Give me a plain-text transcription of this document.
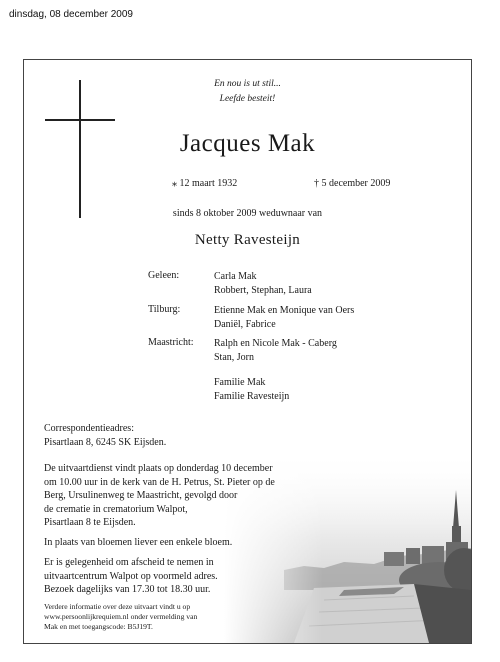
dinsdag, 08 december 2009
En nou is ut stil...
Leefde besteit!
Jacques Mak
⁎ 12 maart 1932	† 5 december 2009
sinds 8 oktober 2009 weduwnaar van
Netty Ravesteijn
Geleen:	Carla Mak
Robbert, Stephan, Laura
Tilburg:	Etienne Mak en Monique van Oers
Daniël, Fabrice
Maastricht: Ralph en Nicole Mak - Caberg
Stan, Jorn
Familie Mak
Familie Ravesteijn
Correspondentieadres:
Pisartlaan 8, 6245 SK Eijsden.
De uitvaartdienst vindt plaats op donderdag 10 december
om 10.00 uur in de kerk van de H. Petrus, St. Pieter op de
Berg, Ursulinenweg te Maastricht, gevolgd door
de crematie in crematorium Walpot,
Pisartlaan 8 te Eijsden.
In plaats van bloemen liever een enkele bloem.
Er is gelegenheid om afscheid te nemen in
uitvaartcentrum Walpot op voormeld adres.
Bezoek dagelijks van 17.30 tot 18.30 uur.
Verdere informatie over deze uitvaart vindt u op
www.persoonlijkrequiem.nl onder vermelding van
Mak en met toegangscode: B5J19T.
